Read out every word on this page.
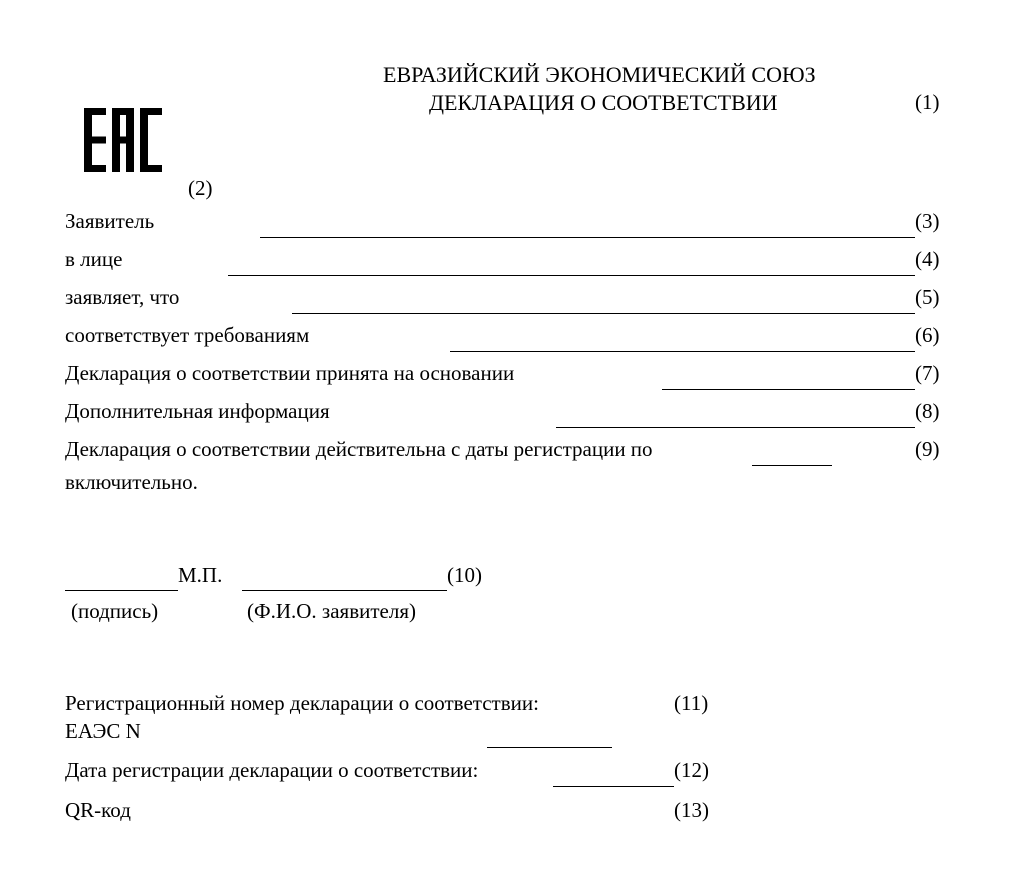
ЕВРАЗИЙСКИЙ ЭКОНОМИЧЕСКИЙ СОЮЗ
ДЕКЛАРАЦИЯ О СООТВЕТСТВИИ	(1)
(2)
Заявитель	(3)
в лице	(4)
заявляет, что	(5)
соответствует требованиям	(6)
Декларация о соответствии принята на основании	(7)
Дополнительная информация	(8)
Декларация о соответствии действительна с даты регистрации по	(9)
включительно.
М.П.	(10)
(подпись)	(Ф.И.О. заявителя)
Регистрационный номер декларации о соответствии:	(11)
ЕАЭС N
Дата регистрации декларации о соответствии:	(12)
QR-код	(13)
